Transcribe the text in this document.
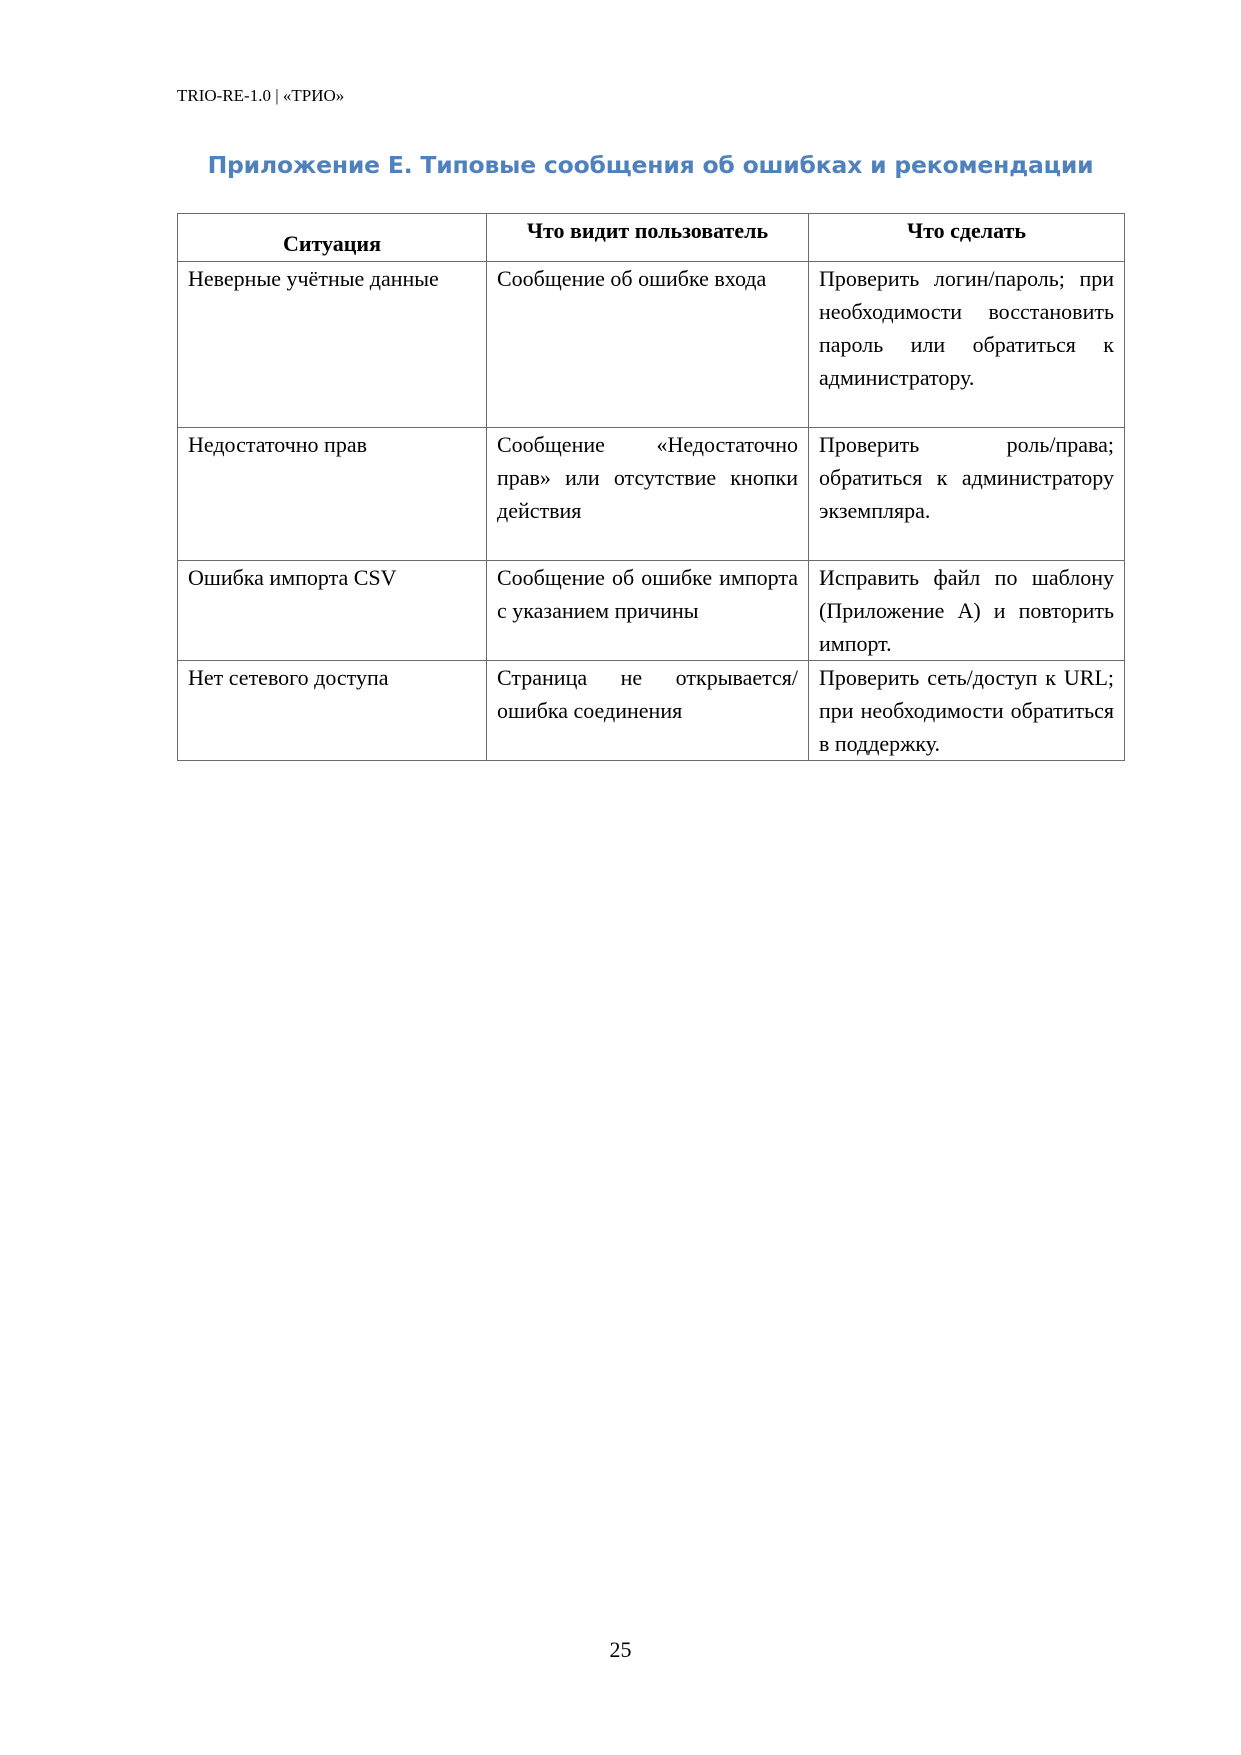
TRIO-RE-1.0 | «ТРИО»
Приложение Е. Типовые сообщения об ошибках и рекомендации
Ситуация	Что видит пользователь	Что сделать
Неверные учётные данные	Сообщение об ошибке входа	Проверить логин/пароль; при необходимости восстановить пароль или обратиться к администратору.
Недостаточно прав	Сообщение «Недостаточно прав» или отсутствие кнопки действия	Проверить роль/права; обратиться к администратору экземпляра.
Ошибка импорта CSV	Сообщение об ошибке импорта с указанием причины	Исправить файл по шаблону (Приложение А) и повторить импорт.
Нет сетевого доступа	Страница не открывается/ошибка соединения	Проверить сеть/доступ к URL; при необходимости обратиться в поддержку.
25
